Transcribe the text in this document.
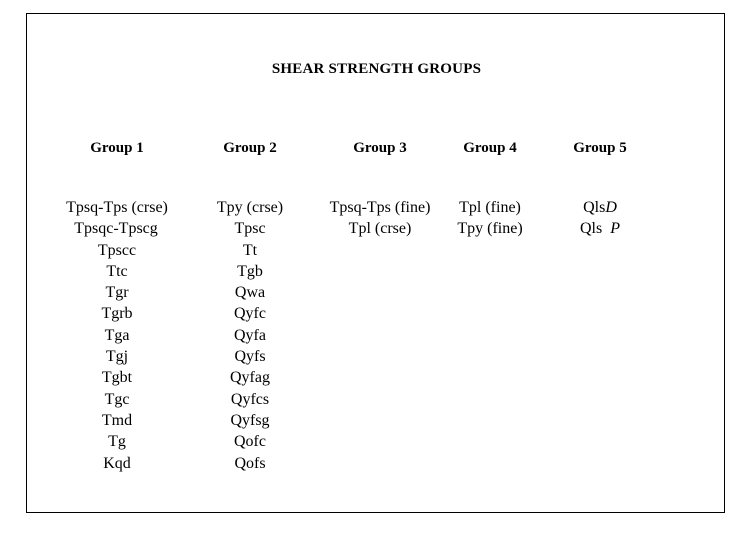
SHEAR STRENGTH GROUPS
Group 1
Tpsq-Tps (crse)
Tpsqc-Tpscg
Tpscc
Ttc
Tgr
Tgrb
Tga
Tgj
Tgbt
Tgc
Tmd
Tg
Kqd
Group 2
Tpy (crse)
Tpsc
Tt
Tgb
Qwa
Qyfc
Qyfa
Qyfs
Qyfag
Qyfcs
Qyfsg
Qofc
Qofs
Group 3
Tpsq-Tps (fine)
Tpl (crse)
Group 4
Tpl (fine)
Tpy (fine)
Group 5
QlsD
Qls P
